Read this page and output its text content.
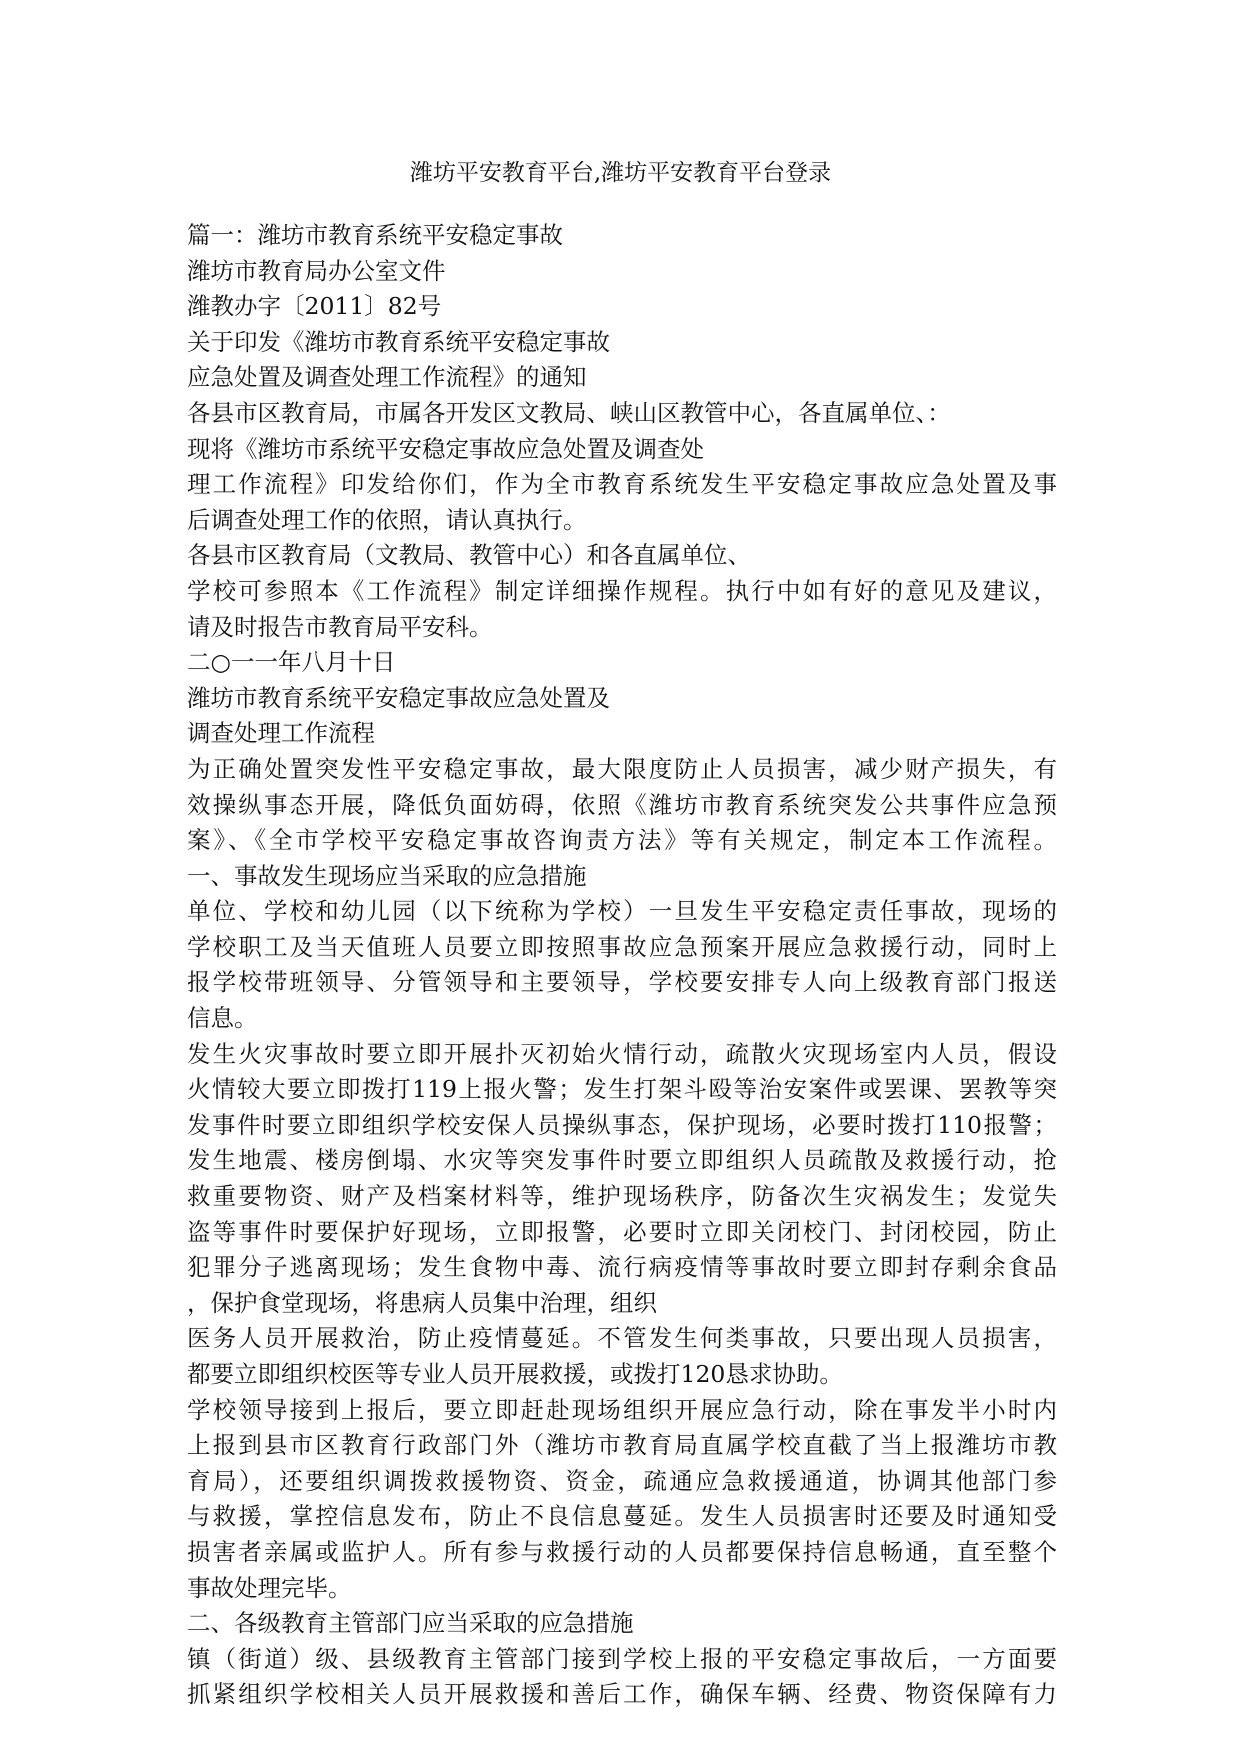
潍坊平安教育平台,潍坊平安教育平台登录
篇一：潍坊市教育系统平安稳定事故
潍坊市教育局办公室文件
潍教办字〔2011〕82号
关于印发《潍坊市教育系统平安稳定事故
应急处置及调查处理工作流程》的通知
各县市区教育局，市属各开发区文教局、峡山区教管中心，各直属单位、：
现将《潍坊市系统平安稳定事故应急处置及调查处
理工作流程》印发给你们，作为全市教育系统发生平安稳定事故应急处置及事
后调查处理工作的依照，请认真执行。
各县市区教育局（文教局、教管中心）和各直属单位、
学校可参照本《工作流程》制定详细操作规程。执行中如有好的意见及建议，
请及时报告市教育局平安科。
二○一一年八月十日
潍坊市教育系统平安稳定事故应急处置及
调查处理工作流程
为正确处置突发性平安稳定事故，最大限度防止人员损害，减少财产损失，有
效操纵事态开展，降低负面妨碍，依照《潍坊市教育系统突发公共事件应急预
案》、《全市学校平安稳定事故咨询责方法》等有关规定，制定本工作流程。
一、事故发生现场应当采取的应急措施
单位、学校和幼儿园（以下统称为学校）一旦发生平安稳定责任事故，现场的
学校职工及当天值班人员要立即按照事故应急预案开展应急救援行动，同时上
报学校带班领导、分管领导和主要领导，学校要安排专人向上级教育部门报送
信息。
发生火灾事故时要立即开展扑灭初始火情行动，疏散火灾现场室内人员，假设
火情较大要立即拨打119上报火警；发生打架斗殴等治安案件或罢课、罢教等突
发事件时要立即组织学校安保人员操纵事态，保护现场，必要时拨打110报警；
发生地震、楼房倒塌、水灾等突发事件时要立即组织人员疏散及救援行动，抢
救重要物资、财产及档案材料等，维护现场秩序，防备次生灾祸发生；发觉失
盗等事件时要保护好现场，立即报警，必要时立即关闭校门、封闭校园，防止
犯罪分子逃离现场；发生食物中毒、流行病疫情等事故时要立即封存剩余食品
，保护食堂现场，将患病人员集中治理，组织
医务人员开展救治，防止疫情蔓延。不管发生何类事故，只要出现人员损害，
都要立即组织校医等专业人员开展救援，或拨打120恳求协助。
学校领导接到上报后，要立即赶赴现场组织开展应急行动，除在事发半小时内
上报到县市区教育行政部门外（潍坊市教育局直属学校直截了当上报潍坊市教
育局），还要组织调拨救援物资、资金，疏通应急救援通道，协调其他部门参
与救援，掌控信息发布，防止不良信息蔓延。发生人员损害时还要及时通知受
损害者亲属或监护人。所有参与救援行动的人员都要保持信息畅通，直至整个
事故处理完毕。
二、各级教育主管部门应当采取的应急措施
镇（街道）级、县级教育主管部门接到学校上报的平安稳定事故后，一方面要
抓紧组织学校相关人员开展救援和善后工作，确保车辆、经费、物资保障有力
